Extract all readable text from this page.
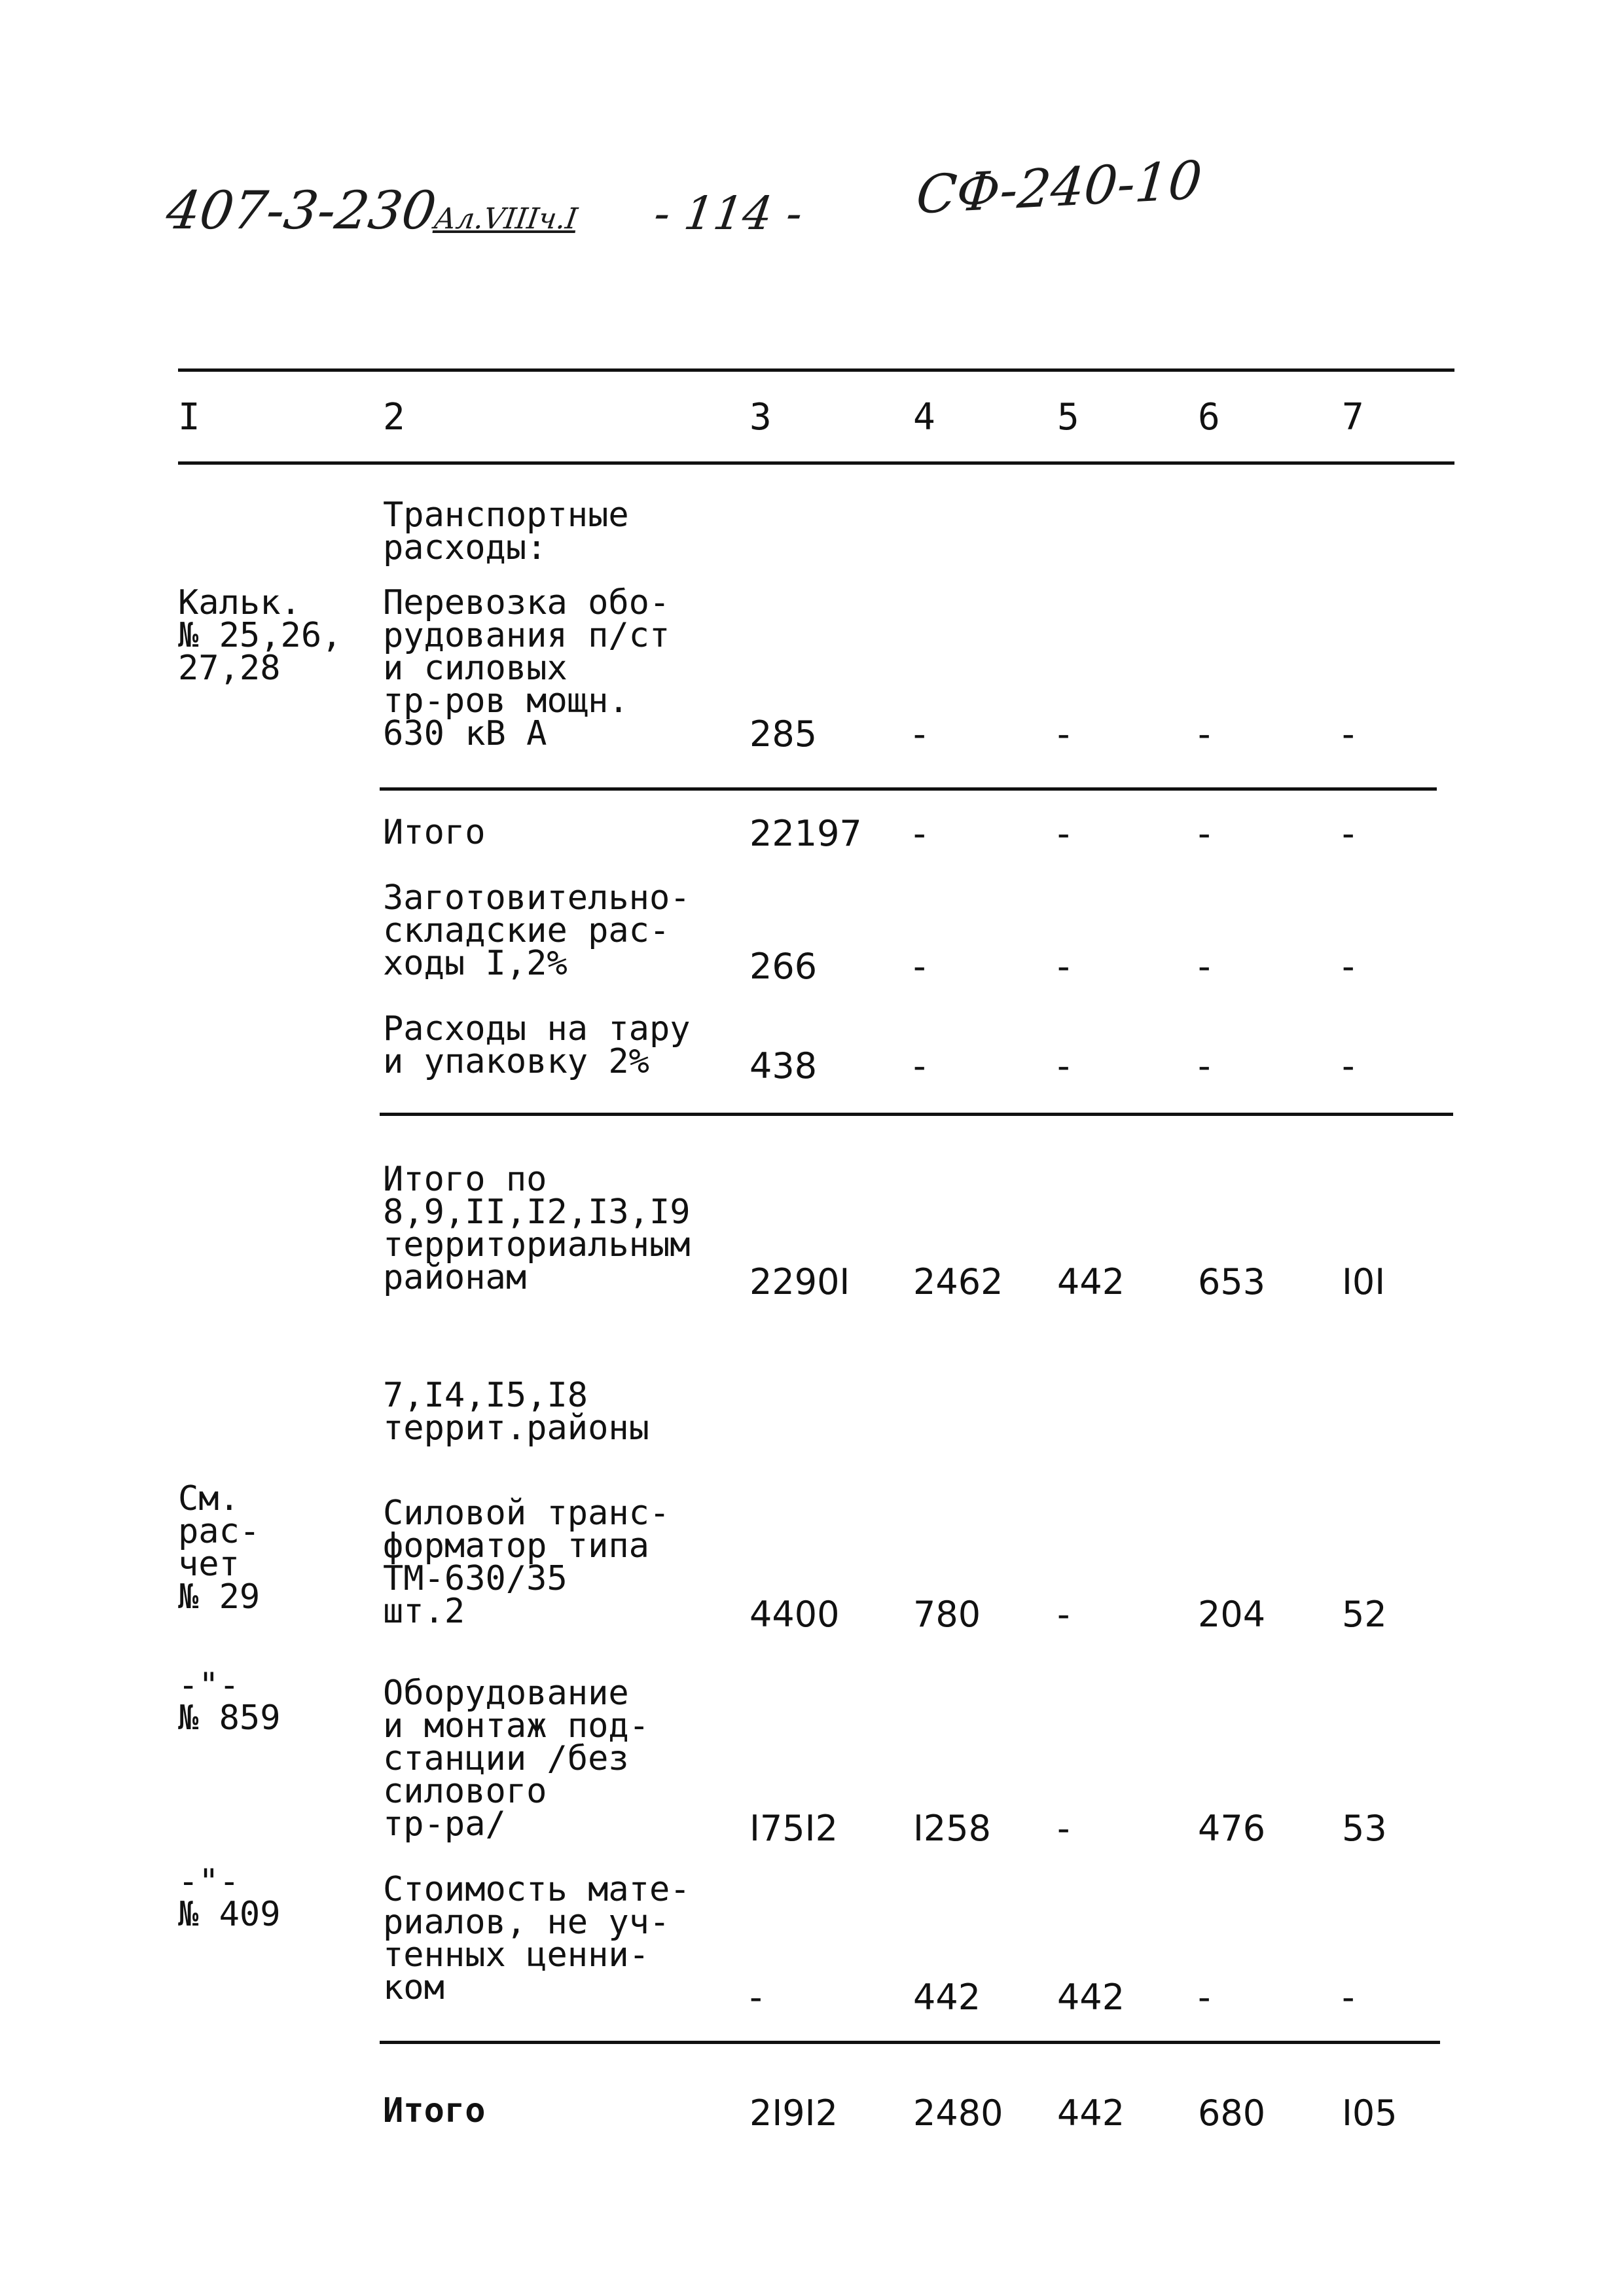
407-3-230Ал.VIIIч.I - 114 - СФ-240-10
I	2	3	4	5	6	7
Транспортные
расходы:
Кальк.
№ 25,26,
27,28
Перевозка обо-
рудования п/ст
и силовых
тр-ров мощн.
630 кВ А	285	-	-	-	-
Итого	22197 -	-	-	-
Заготовительно-
складские рас-
ходы I,2%	266	-	-	-	-
Расходы на тару
и упаковку 2%	438	-	-	-	-
Итого по
8,9,II,I2,I3,I9
территориальным
районам	2290I 2462 442 653 I0I
7,I4,I5,I8
террит.районы
См.
рас-
чет
№ 29
Силовой транс-
форматор типа
ТМ-630/35
шт.2	4400 780 -	204 52
-"-
№ 859
Оборудование
и монтаж под-
станции /без
силового
тр-ра/	I75I2 I258 -	476 53
-"-
№ 409
Стоимость мате-
риалов, не уч-
тенных ценни-
ком	-	442 442 -	-
Итого	2I9I2 2480 442 680 I05
